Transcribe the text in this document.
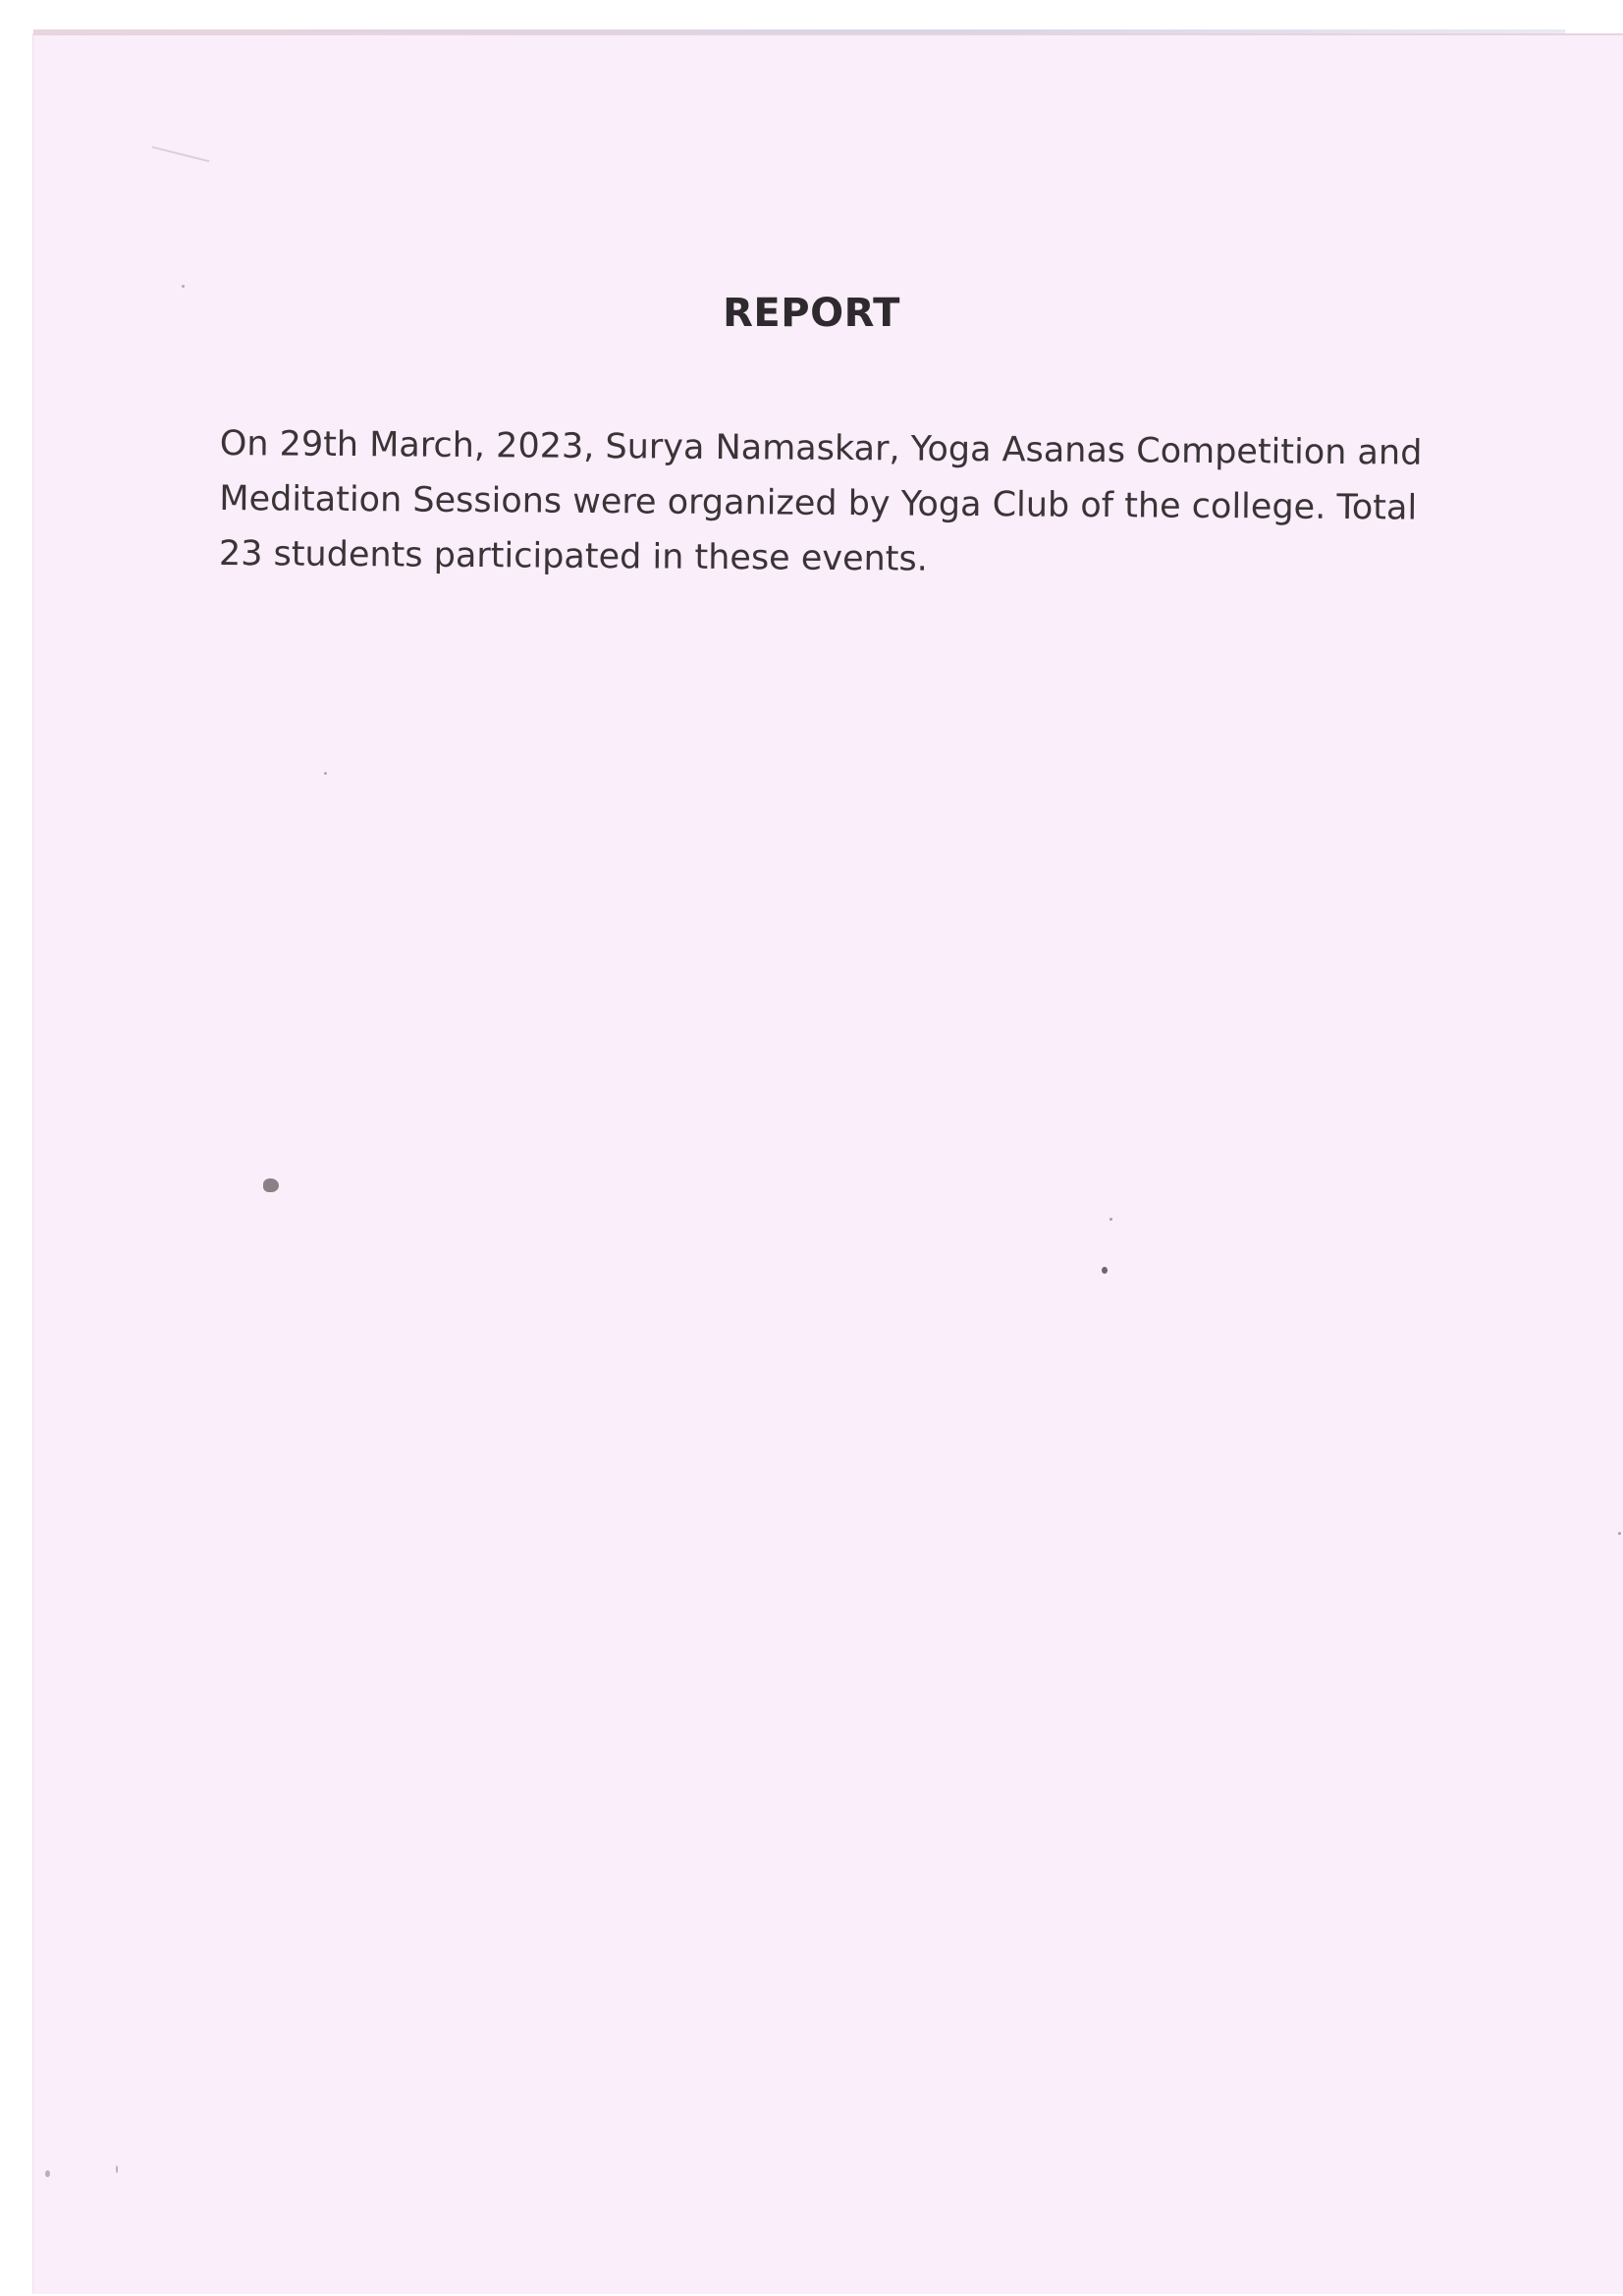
REPORT
On 29th March, 2023, Surya Namaskar, Yoga Asanas Competition and
Meditation Sessions were organized by Yoga Club of the college. Total
23 students participated in these events.
